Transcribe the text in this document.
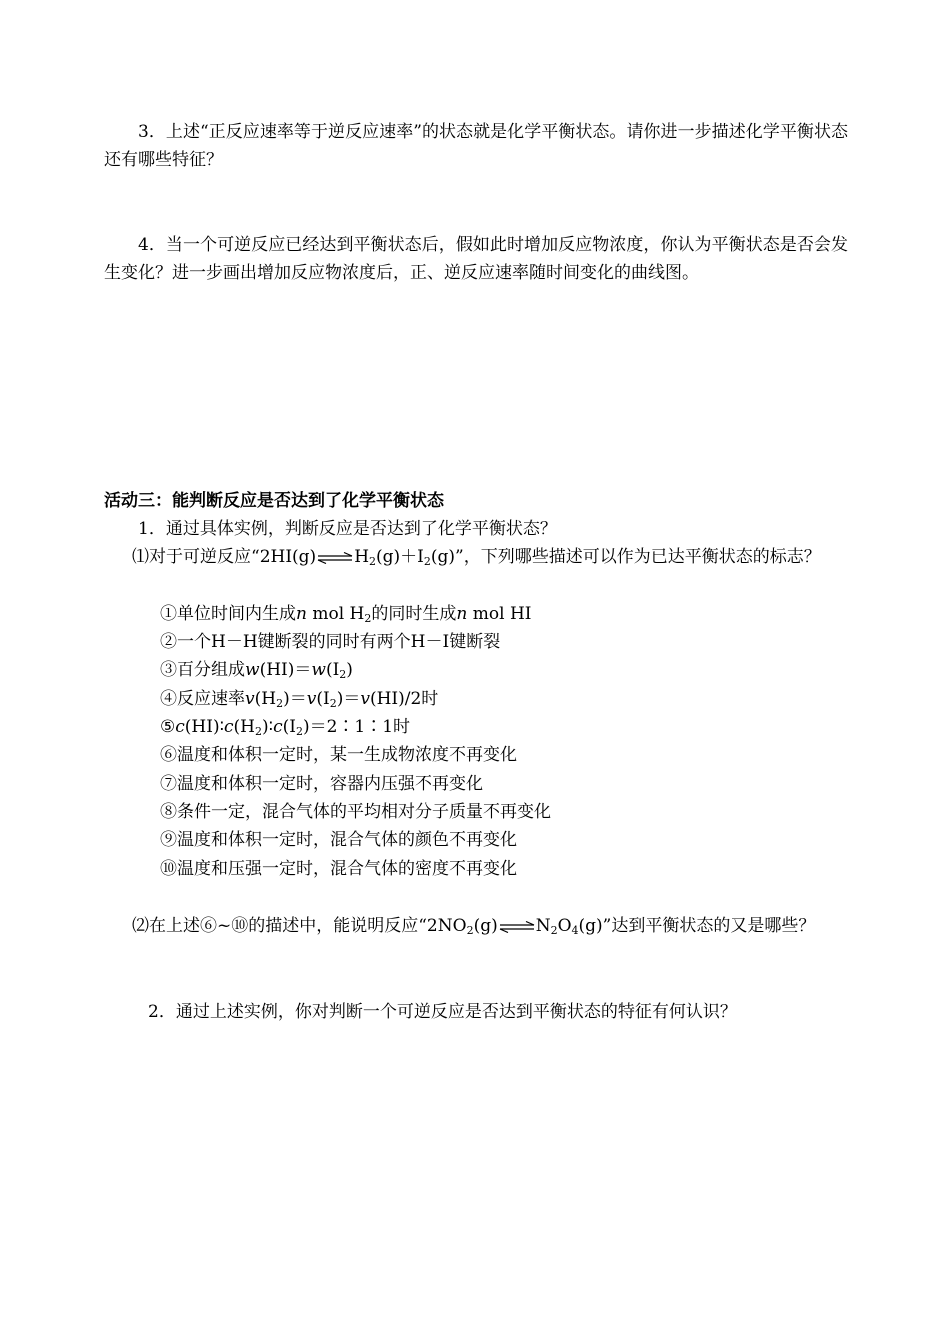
3．上述“正反应速率等于逆反应速率”的状态就是化学平衡状态。请你进一步描述化学平衡状态还有哪些特征？
4．当一个可逆反应已经达到平衡状态后，假如此时增加反应物浓度，你认为平衡状态是否会发生变化？进一步画出增加反应物浓度后，正、逆反应速率随时间变化的曲线图。
活动三：能判断反应是否达到了化学平衡状态
1．通过具体实例，判断反应是否达到了化学平衡状态？
⑴对于可逆反应“$2HI(g)\rightleftharpoons H_2(g)+I_2(g)$”，下列哪些描述可以作为已达平衡状态的标志？
①单位时间内生成n mol $H_2$的同时生成n mol HI
②一个H－H键断裂的同时有两个H－I键断裂
③百分组成$w(HI)=w(I_2)$
④反应速率$v(H_2)=v(I_2)=v(HI)/2$时
$⑤c(HI)∶c(H_2)∶c(I_2)=2∶1∶1$时
⑥温度和体积一定时，某一生成物浓度不再变化
⑦温度和体积一定时，容器内压强不再变化
⑧条件一定，混合气体的平均相对分子质量不再变化
⑨温度和体积一定时，混合气体的颜色不再变化
⑩温度和压强一定时，混合气体的密度不再变化
⑵在上述⑥~⑩的描述中，能说明反应“$2NO_2(g)\rightleftharpoons N_2O_4(g)$”达到平衡状态的又是哪些？
2．通过上述实例，你对判断一个可逆反应是否达到平衡状态的特征有何认识？
